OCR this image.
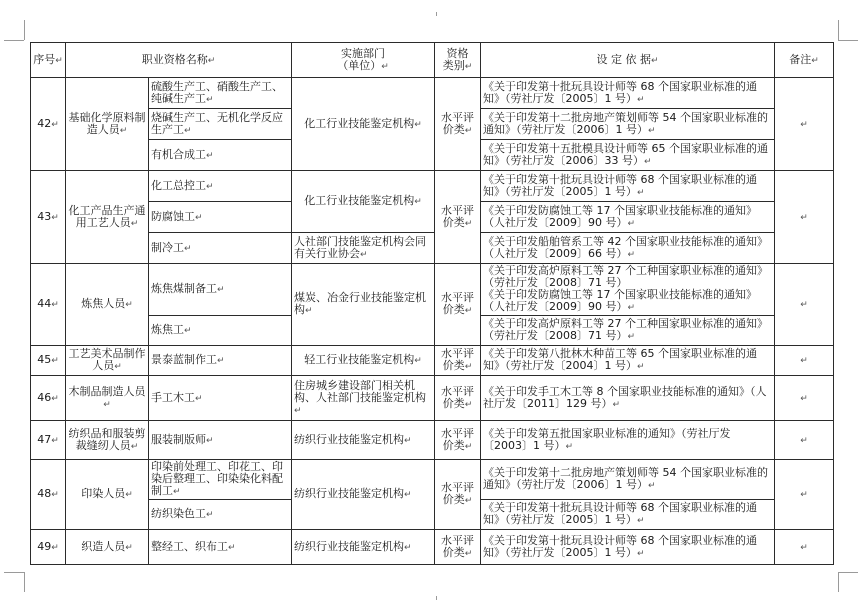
序号↵	职业资格名称↵		实施部门
（单位）↵	资格
类别↵	设 定 依 据↵	备注↵
42↵	基础化学原料制造人员↵	硫酸生产工、硝酸生产工、纯碱生产工↵	化工行业技能鉴定机构↵	水平评价类↵	《关于印发第十批玩具设计师等 68 个国家职业标准的通知》（劳社厅发〔2005〕1 号）↵	↵
		烧碱生产工、无机化学反应生产工↵			《关于印发第十二批房地产策划师等 54 个国家职业标准的通知》（劳社厅发〔2006〕1 号）↵	
		有机合成工↵			《关于印发第十五批模具设计师等 65 个国家职业标准的通知》（劳社厅发〔2006〕33 号）↵	
43↵	化工产品生产通用工艺人员↵	化工总控工↵	化工行业技能鉴定机构↵	水平评价类↵	《关于印发第十批玩具设计师等 68 个国家职业标准的通知》（劳社厅发〔2005〕1 号）↵	↵
		防腐蚀工↵			《关于印发防腐蚀工等 17 个国家职业技能标准的通知》（人社厅发〔2009〕90 号）↵	
		制冷工↵	人社部门技能鉴定机构会同有关行业协会↵		《关于印发船舶管系工等 42 个国家职业技能标准的通知》（人社厅发〔2009〕66 号）↵	
44↵	炼焦人员↵	炼焦煤制备工↵	煤炭、冶金行业技能鉴定机构↵	水平评价类↵	《关于印发高炉原料工等 27 个工种国家职业标准的通知》（劳社厅发〔2008〕71 号）
《关于印发防腐蚀工等 17 个国家职业技能标准的通知》（人社厅发〔2009〕90 号）↵	↵
		炼焦工↵			《关于印发高炉原料工等 27 个工种国家职业标准的通知》（劳社厅发〔2008〕71 号）↵	
45↵	工艺美术品制作人员↵	景泰蓝制作工↵	轻工行业技能鉴定机构↵	水平评价类↵	《关于印发第八批林木种苗工等 65 个国家职业标准的通知》（劳社厅发〔2004〕1 号）↵	↵
46↵	木制品制造人员↵	手工木工↵	住房城乡建设部门相关机构、人社部门技能鉴定机构↵	水平评价类↵	《关于印发手工木工等 8 个国家职业技能标准的通知》（人社厅发〔2011〕129 号）↵	↵
47↵	纺织品和服装剪裁缝纫人员↵	服装制版师↵	纺织行业技能鉴定机构↵	水平评价类↵	《关于印发第五批国家职业标准的通知》（劳社厅发〔2003〕1 号）↵	↵
48↵	印染人员↵	印染前处理工、印花工、印染后整理工、印染染化料配制工↵	纺织行业技能鉴定机构↵	水平评价类↵	《关于印发第十二批房地产策划师等 54 个国家职业标准的通知》（劳社厅发〔2006〕1 号）↵	↵
		纺织染色工↵			《关于印发第十批玩具设计师等 68 个国家职业标准的通知》（劳社厅发〔2005〕1 号）↵	
49↵	织造人员↵	整经工、织布工↵	纺织行业技能鉴定机构↵	水平评价类↵	《关于印发第十批玩具设计师等 68 个国家职业标准的通知》（劳社厅发〔2005〕1 号）↵	↵
